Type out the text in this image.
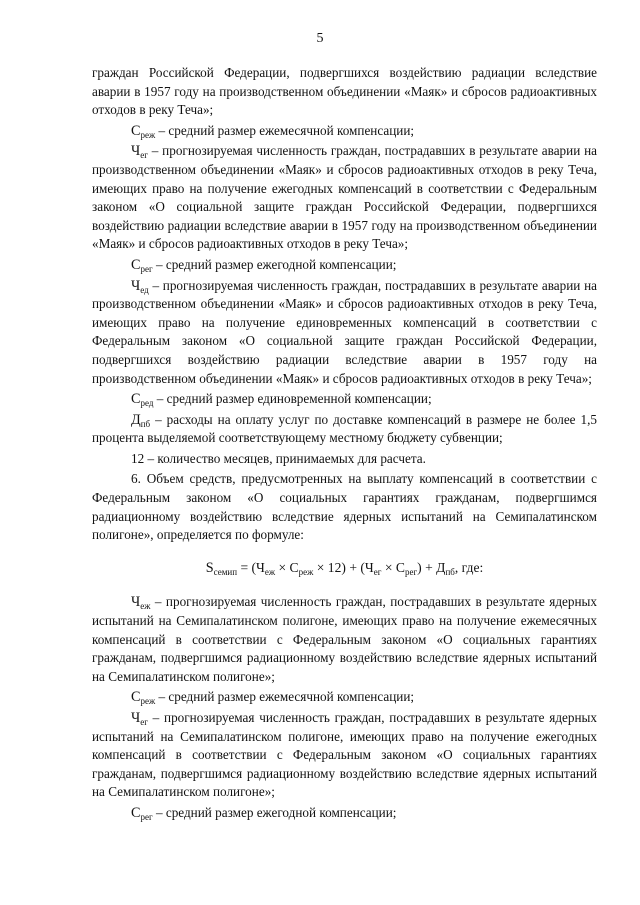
5

граждан Российской Федерации, подвергшихся воздействию радиации вследствие аварии в 1957 году на производственном объединении «Маяк» и сбросов радиоактивных отходов в реку Теча»;

$С_{реж}$ – средний размер ежемесячной компенсации;

$Ч_{ег}$ – прогнозируемая численность граждан, пострадавших в результате аварии на производственном объединении «Маяк» и сбросов радиоактивных отходов в реку Теча, имеющих право на получение ежегодных компенсаций в соответствии с Федеральным законом «О социальной защите граждан Российской Федерации, подвергшихся воздействию радиации вследствие аварии в 1957 году на производственном объединении «Маяк» и сбросов радиоактивных отходов в реку Теча»;

$С_{рег}$ – средний размер ежегодной компенсации;

$Ч_{ед}$ – прогнозируемая численность граждан, пострадавших в результате аварии на производственном объединении «Маяк» и сбросов радиоактивных отходов в реку Теча, имеющих право на получение единовременных компенсаций в соответствии с Федеральным законом «О социальной защите граждан Российской Федерации, подвергшихся воздействию радиации вследствие аварии в 1957 году на производственном объединении «Маяк» и сбросов радиоактивных отходов в реку Теча»;

$С_{ред}$ – средний размер единовременной компенсации;

$Д_{пб}$ – расходы на оплату услуг по доставке компенсаций в размере не более 1,5 процента выделяемой соответствующему местному бюджету субвенции;

12 – количество месяцев, принимаемых для расчета.

6. Объем средств, предусмотренных на выплату компенсаций в соответствии с Федеральным законом «О социальных гарантиях гражданам, подвергшимся радиационному воздействию вследствие ядерных испытаний на Семипалатинском полигоне», определяется по формуле:

$S_{семип} = (Ч_{еж} \times С_{реж} \times 12) + (Ч_{ег} \times С_{рег}) + Д_{пб}$, где:

$Ч_{еж}$ – прогнозируемая численность граждан, пострадавших в результате ядерных испытаний на Семипалатинском полигоне, имеющих право на получение ежемесячных компенсаций в соответствии с Федеральным законом «О социальных гарантиях гражданам, подвергшимся радиационному воздействию вследствие ядерных испытаний на Семипалатинском полигоне»;

$С_{реж}$ – средний размер ежемесячной компенсации;

$Ч_{ег}$ – прогнозируемая численность граждан, пострадавших в результате ядерных испытаний на Семипалатинском полигоне, имеющих право на получение ежегодных компенсаций в соответствии с Федеральным законом «О социальных гарантиях гражданам, подвергшимся радиационному воздействию вследствие ядерных испытаний на Семипалатинском полигоне»;

$С_{рег}$ – средний размер ежегодной компенсации;
